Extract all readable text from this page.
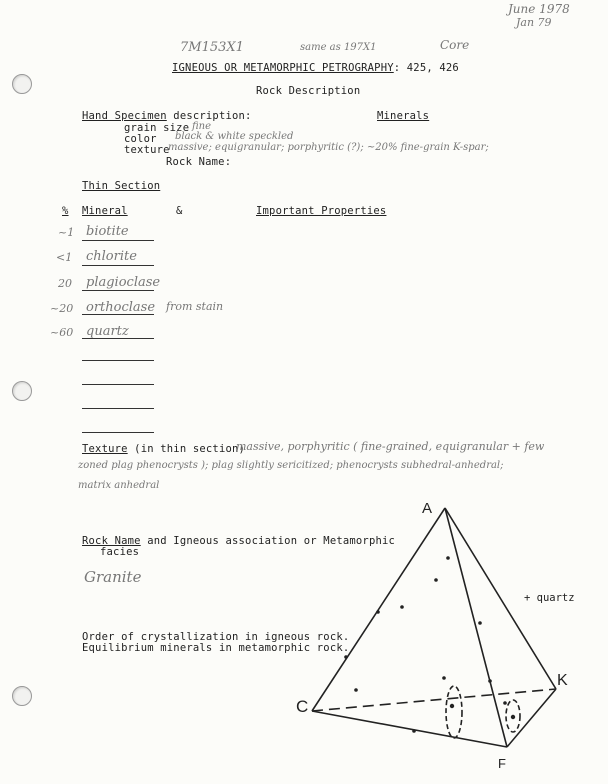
June 1978
Jan 79
7M153X1	same as 197X1	Core
IGNEOUS OR METAMORPHIC PETROGRAPHY: 425, 426
Rock Description
Hand Specimen description:	Minerals
grain size fine
color black & white speckled
texture
massive; equigranular; porphyritic (?); ~20% fine-grain K-spar;
Rock Name:
Thin Section
% Mineral	&	Important Properties
~1 biotite
<1 chlorite
20 plagioclase
~20 orthoclase from stain
~60 quartz
Texture (in thin section)
massive, porphyritic ( fine-grained, equigranular + few
zoned plag phenocrysts ); plag slightly sericitized; phenocrysts subhedral-anhedral;
matrix anhedral
Rock Name and Igneous association or Metamorphic
facies
Granite
Order of crystallization in igneous rock.
Equilibrium minerals in metamorphic rock.
A
C
K
F
+ quartz
